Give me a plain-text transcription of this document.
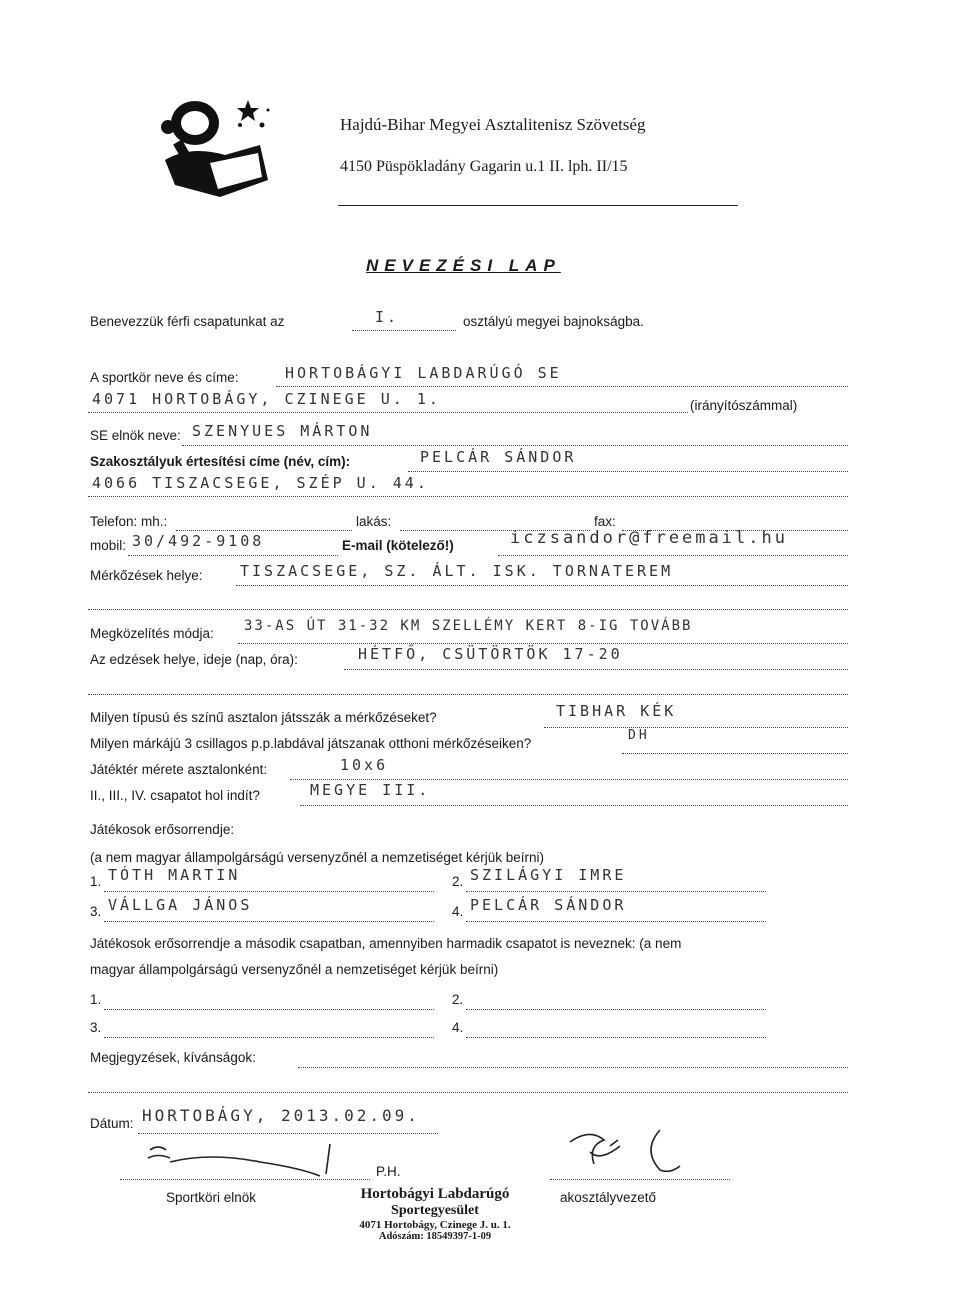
Hajdú-Bihar Megyei Asztalitenisz Szövetség
4150 Püspökladány Gagarin u.1 II. lph. II/15
NEVEZÉSI LAP
Benevezzük férfi csapatunkat az	I.	osztályú megyei bajnokságba.
A sportkör neve és címe:	HORTOBÁGYI LABDARÚGÓ SE
4071 HORTOBÁGY, CZINEGE U. 1.	(irányítószámmal)
SE elnök neve: SZENYUES MÁRTON
Szakosztályuk értesítési címe (név, cím):	PELCÁR SÁNDOR
4066 TISZACSEGE, SZÉP U. 44.
Telefon: mh.:	lakás:	fax:
mobil: 30/492-9108	E-mail (kötelező!)	iczsandor@freemail.hu
Mérkőzések helye: TISZACSEGE, SZ. ÁLT. ISK. TORNATEREM
Megközelítés módja: 33-AS ÚT 31-32 KM SZELLÉMY KERT 8-IG TOVÁBB
Az edzések helye, ideje (nap, óra):	HÉTFŐ, CSÜTÖRTÖK 17-20
Milyen típusú és színű asztalon játsszák a mérkőzéseket?	TIBHAR KÉK
Milyen márkájú 3 csillagos p.p.labdával játszanak otthoni mérkőzéseiken?
DH
Játéktér mérete asztalonként:	10x6
II., III., IV. csapatot hol indít?	MEGYE III.
Játékosok erősorrendje:
(a nem magyar állampolgárságú versenyzőnél a nemzetiséget kérjük beírni)
1. TÓTH MARTIN	2. SZILÁGYI IMRE
3. VÁLLGA JÁNOS	4. PELCÁR SÁNDOR
Játékosok erősorrendje a második csapatban, amennyiben harmadik csapatot is neveznek: (a nem
magyar állampolgárságú versenyzőnél a nemzetiséget kérjük beírni)
1.	2.
3.	4.
Megjegyzések, kívánságok:
Dátum: HORTOBÁGY, 2013.02.09.
P.H.
Sportköri elnök	akosztályvezető
Hortobágyi Labdarúgó
Sportegyesület
4071 Hortobágy, Czinege J. u. 1.
Adószám: 18549397-1-09
